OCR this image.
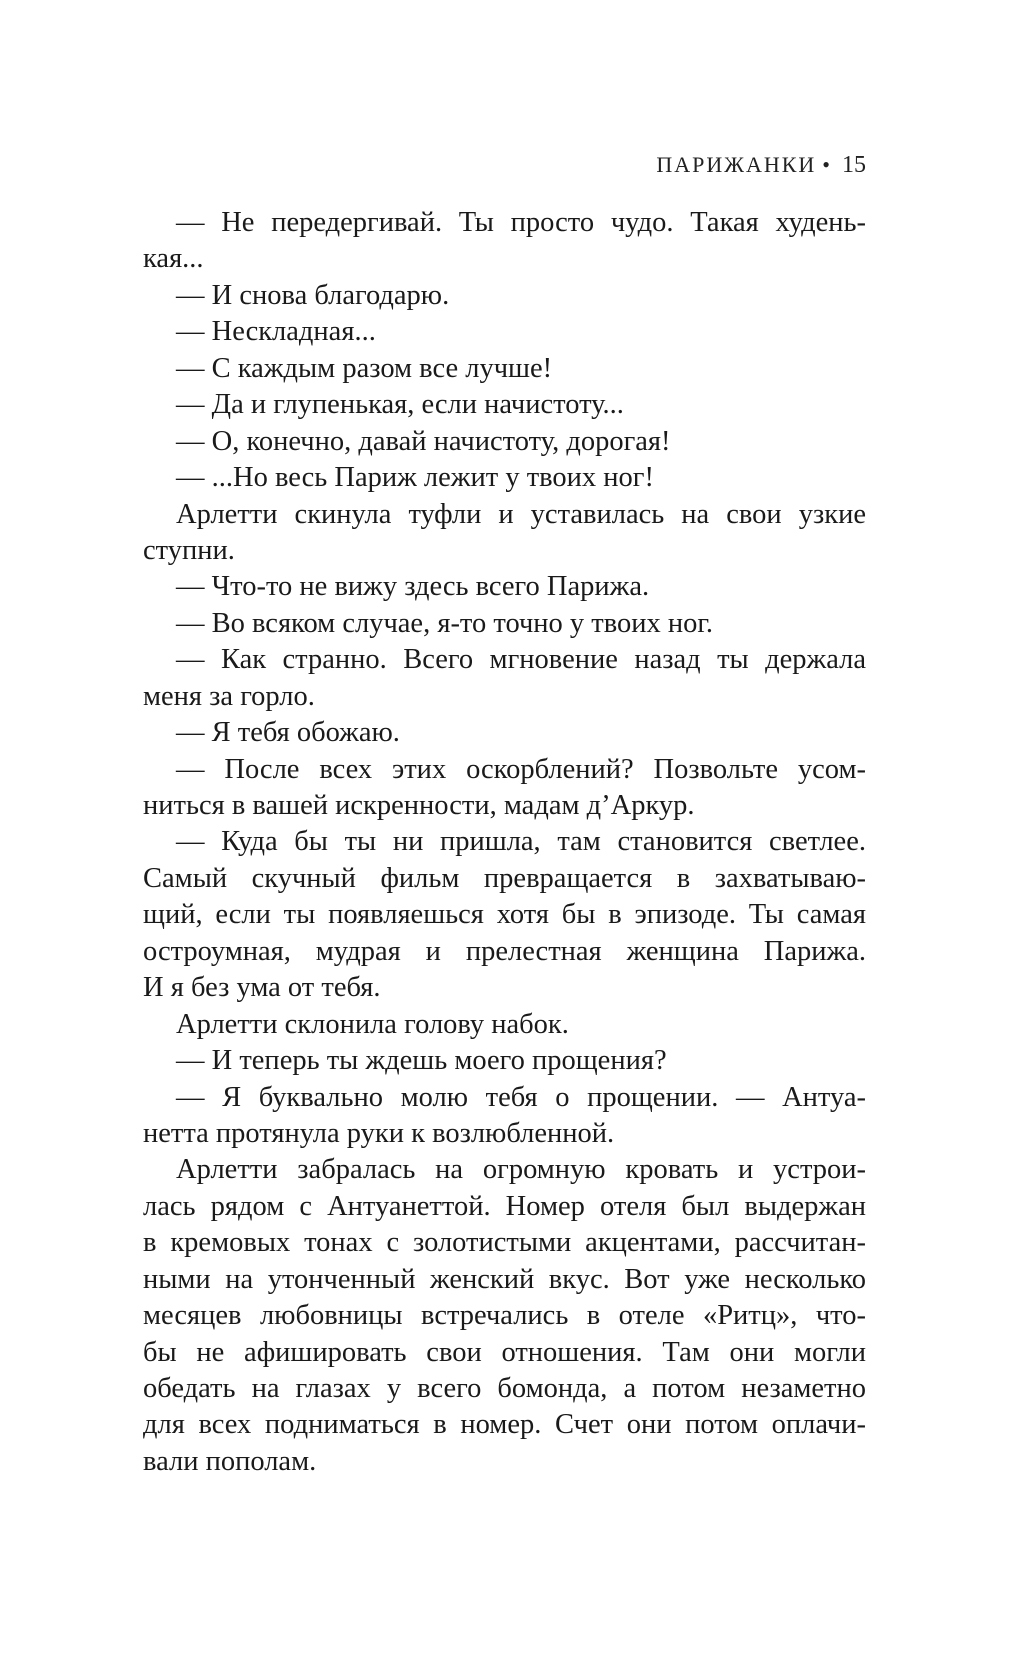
ПАРИЖАНКИ • 15
— Не передергивай. Ты просто чудо. Такая худень-
кая...
— И снова благодарю.
— Нескладная...
— С каждым разом все лучше!
— Да и глупенькая, если начистоту...
— О, конечно, давай начистоту, дорогая!
— ...Но весь Париж лежит у твоих ног!
Арлетти скинула туфли и уставилась на свои узкие
ступни.
— Что-то не вижу здесь всего Парижа.
— Во всяком случае, я-то точно у твоих ног.
— Как странно. Всего мгновение назад ты держала
меня за горло.
— Я тебя обожаю.
— После всех этих оскорблений? Позвольте усом-
ниться в вашей искренности, мадам д’Аркур.
— Куда бы ты ни пришла, там становится светлее.
Самый скучный фильм превращается в захватываю-
щий, если ты появляешься хотя бы в эпизоде. Ты самая
остроумная, мудрая и прелестная женщина Парижа.
И я без ума от тебя.
Арлетти склонила голову набок.
— И теперь ты ждешь моего прощения?
— Я буквально молю тебя о прощении. — Антуа-
нетта протянула руки к возлюбленной.
Арлетти забралась на огромную кровать и устрои-
лась рядом с Антуанеттой. Номер отеля был выдержан
в кремовых тонах с золотистыми акцентами, рассчитан-
ными на утонченный женский вкус. Вот уже несколько
месяцев любовницы встречались в отеле «Ритц», что-
бы не афишировать свои отношения. Там они могли
обедать на глазах у всего бомонда, а потом незаметно
для всех подниматься в номер. Счет они потом оплачи-
вали пополам.
